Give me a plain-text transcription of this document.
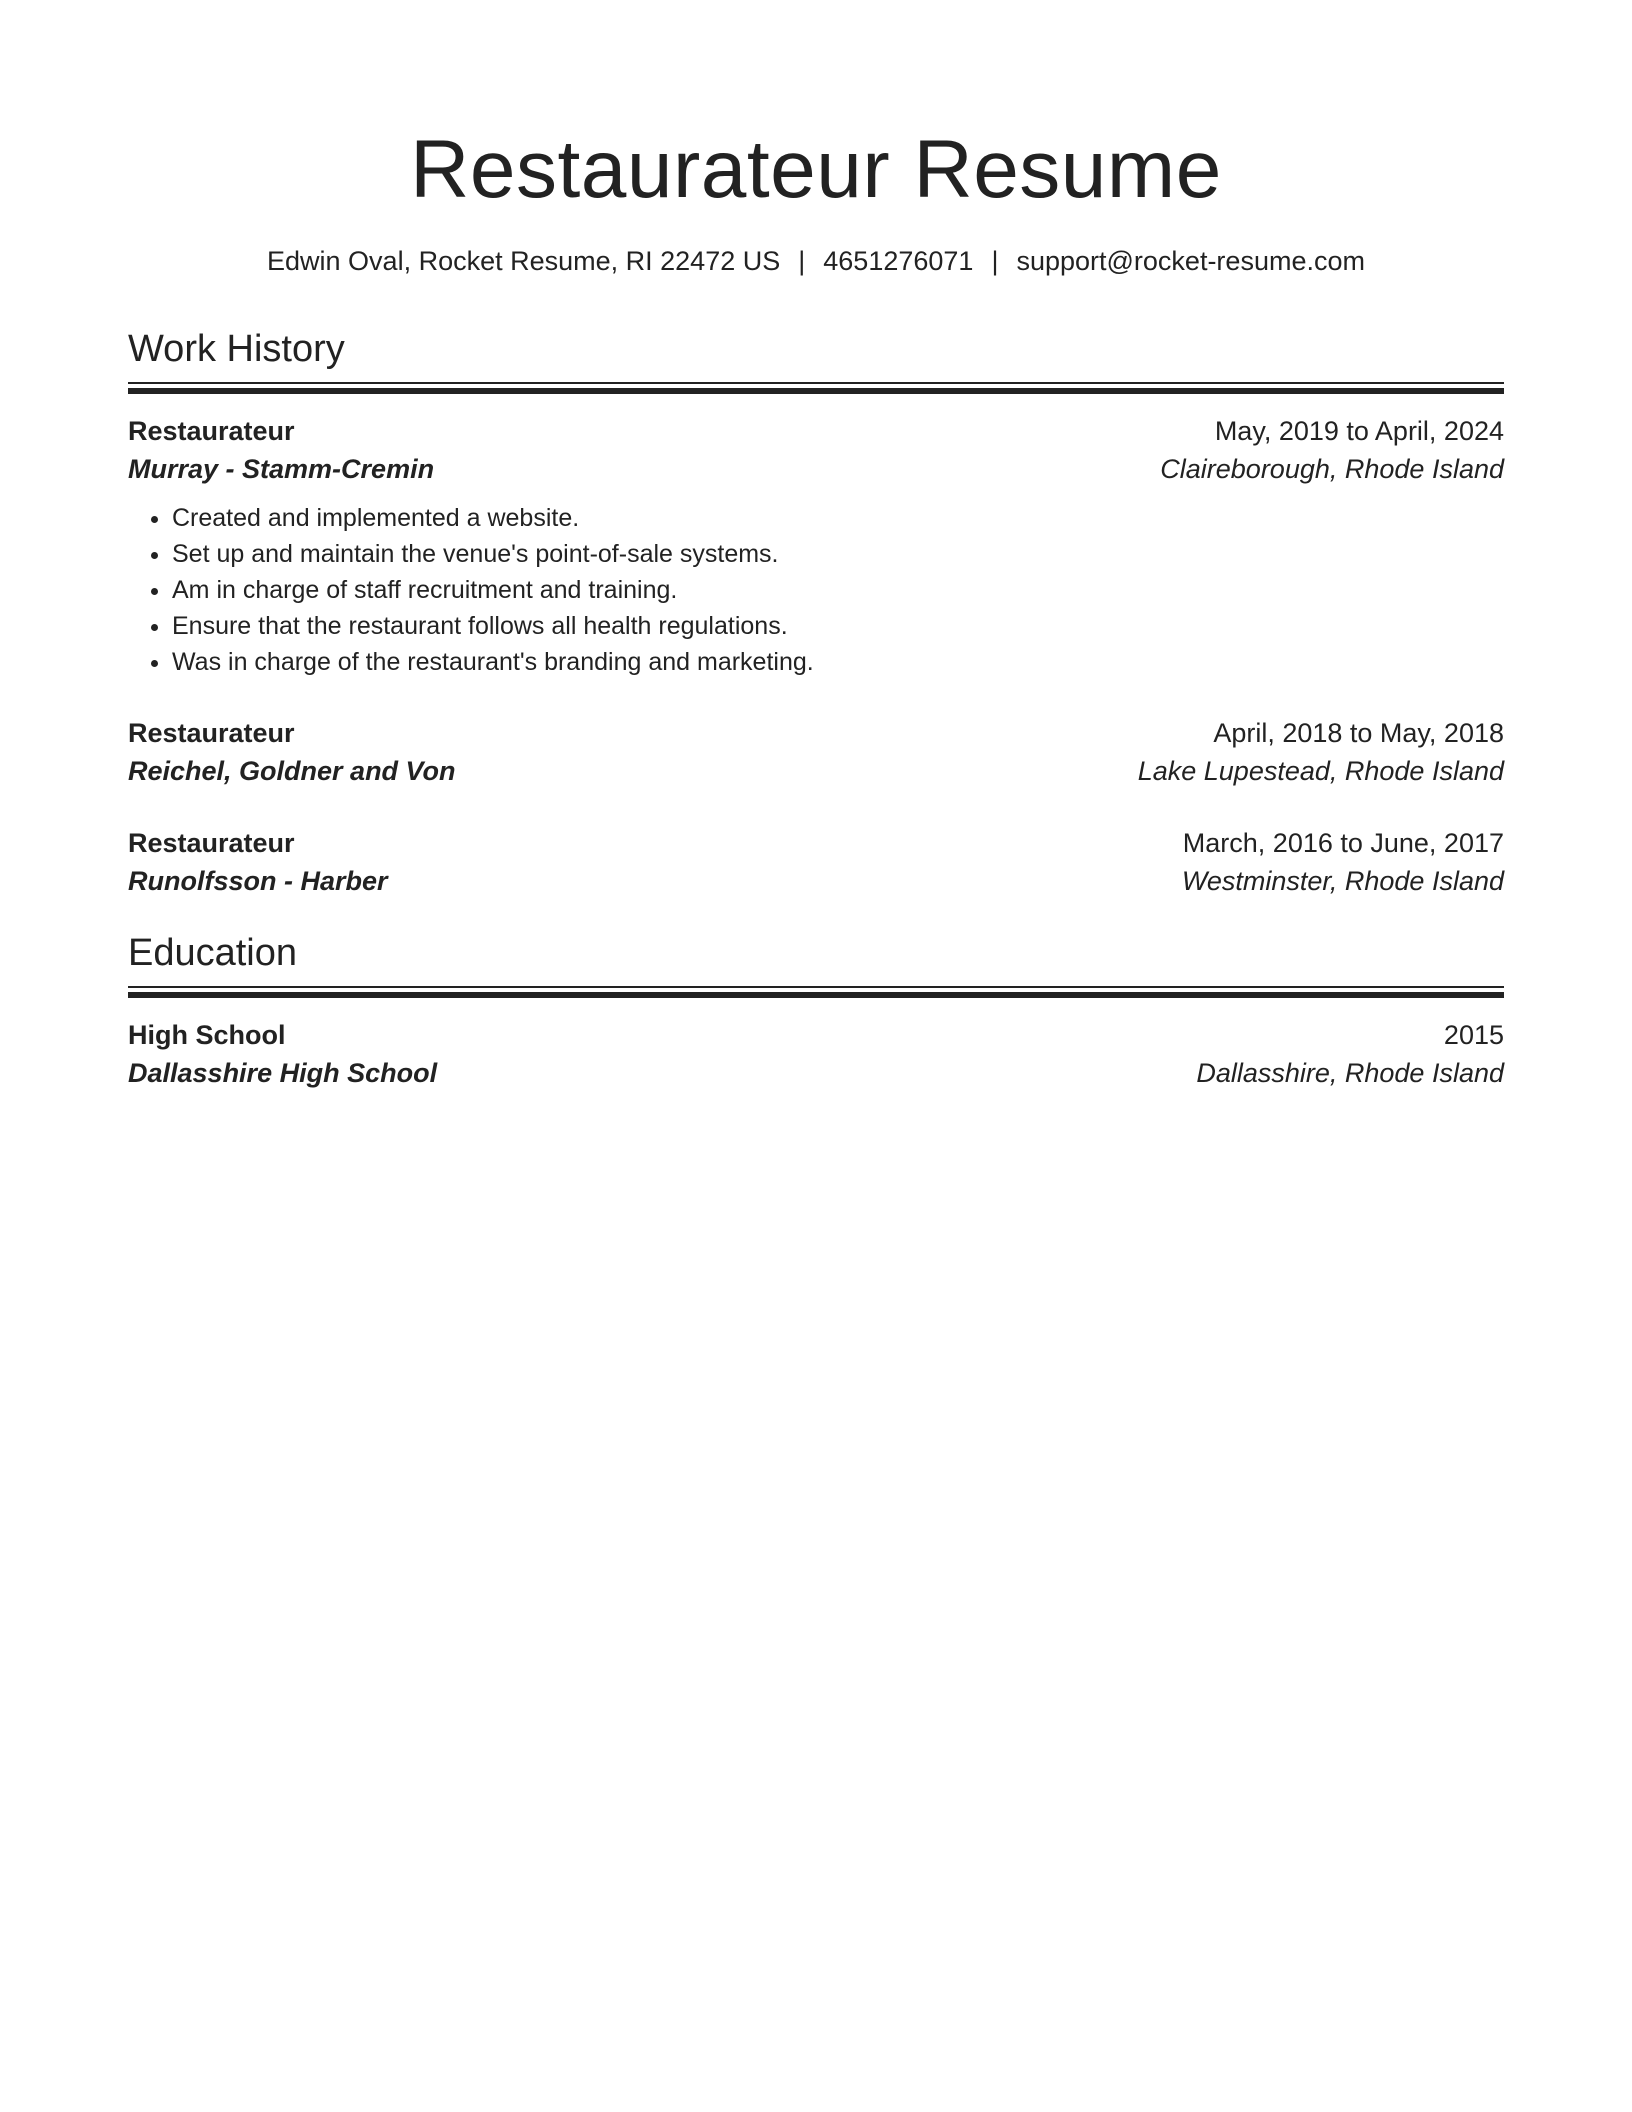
Restaurateur Resume
Edwin Oval, Rocket Resume, RI 22472 US | 4651276071 | support@rocket-resume.com
Work History
Restaurateur	May, 2019 to April, 2024
Murray - Stamm-Cremin	Claireborough, Rhode Island
• Created and implemented a website.
• Set up and maintain the venue's point-of-sale systems.
• Am in charge of staff recruitment and training.
• Ensure that the restaurant follows all health regulations.
• Was in charge of the restaurant's branding and marketing.
Restaurateur	April, 2018 to May, 2018
Reichel, Goldner and Von	Lake Lupestead, Rhode Island
Restaurateur	March, 2016 to June, 2017
Runolfsson - Harber	Westminster, Rhode Island
Education
High School	2015
Dallasshire High School	Dallasshire, Rhode Island
